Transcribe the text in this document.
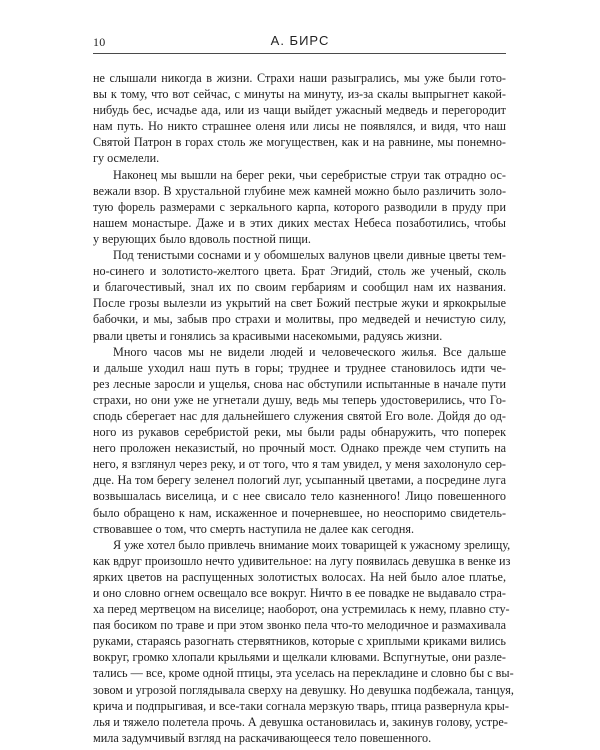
10	А. БИРС
не слышали никогда в жизни. Страхи наши разыгрались, мы уже были гото-
вы к тому, что вот сейчас, с минуты на минуту, из-за скалы выпрыгнет какой-
нибудь бес, исчадье ада, или из чащи выйдет ужасный медведь и перегородит
нам путь. Но никто страшнее оленя или лисы не появлялся, и видя, что наш
Святой Патрон в горах столь же могуществен, как и на равнине, мы понемно-
гу осмелели.
Наконец мы вышли на берег реки, чьи серебристые струи так отрадно ос-
вежали взор. В хрустальной глубине меж камней можно было различить золо-
тую форель размерами с зеркального карпа, которого разводили в пруду при
нашем монастыре. Даже и в этих диких местах Небеса позаботились, чтобы
у верующих было вдоволь постной пищи.
Под тенистыми соснами и у обомшелых валунов цвели дивные цветы тем-
но-синего и золотисто-желтого цвета. Брат Эгидий, столь же ученый, сколь
и благочестивый, знал их по своим гербариям и сообщил нам их названия.
После грозы вылезли из укрытий на свет Божий пестрые жуки и яркокрылые
бабочки, и мы, забыв про страхи и молитвы, про медведей и нечистую силу,
рвали цветы и гонялись за красивыми насекомыми, радуясь жизни.
Много часов мы не видели людей и человеческого жилья. Все дальше
и дальше уходил наш путь в горы; труднее и труднее становилось идти че-
рез лесные заросли и ущелья, снова нас обступили испытанные в начале пути
страхи, но они уже не угнетали душу, ведь мы теперь удостоверились, что Го-
сподь сберегает нас для дальнейшего служения святой Его воле. Дойдя до од-
ного из рукавов серебристой реки, мы были рады обнаружить, что поперек
него проложен неказистый, но прочный мост. Однако прежде чем ступить на
него, я взглянул через реку, и от того, что я там увидел, у меня захолонуло сер-
дце. На том берегу зеленел пологий луг, усыпанный цветами, а посредине луга
возвышалась виселица, и с нее свисало тело казненного! Лицо повешенного
было обращено к нам, искаженное и почерневшее, но неоспоримо свидетель-
ствовавшее о том, что смерть наступила не далее как сегодня.
Я уже хотел было привлечь внимание моих товарищей к ужасному зрелищу,
как вдруг произошло нечто удивительное: на лугу появилась девушка в венке из
ярких цветов на распущенных золотистых волосах. На ней было алое платье,
и оно словно огнем освещало все вокруг. Ничто в ее повадке не выдавало стра-
ха перед мертвецом на виселице; наоборот, она устремилась к нему, плавно сту-
пая босиком по траве и при этом звонко пела что-то мелодичное и размахивала
руками, стараясь разогнать стервятников, которые с хриплыми криками вились
вокруг, громко хлопали крыльями и щелкали клювами. Вспугнутые, они разле-
тались — все, кроме одной птицы, эта уселась на перекладине и словно бы с вы-
зовом и угрозой поглядывала сверху на девушку. Но девушка подбежала, танцуя,
крича и подпрыгивая, и все-таки согнала мерзкую тварь, птица развернула кры-
лья и тяжело полетела прочь. А девушка остановилась и, закинув голову, устре-
мила задумчивый взгляд на раскачивающееся тело повешенного.
